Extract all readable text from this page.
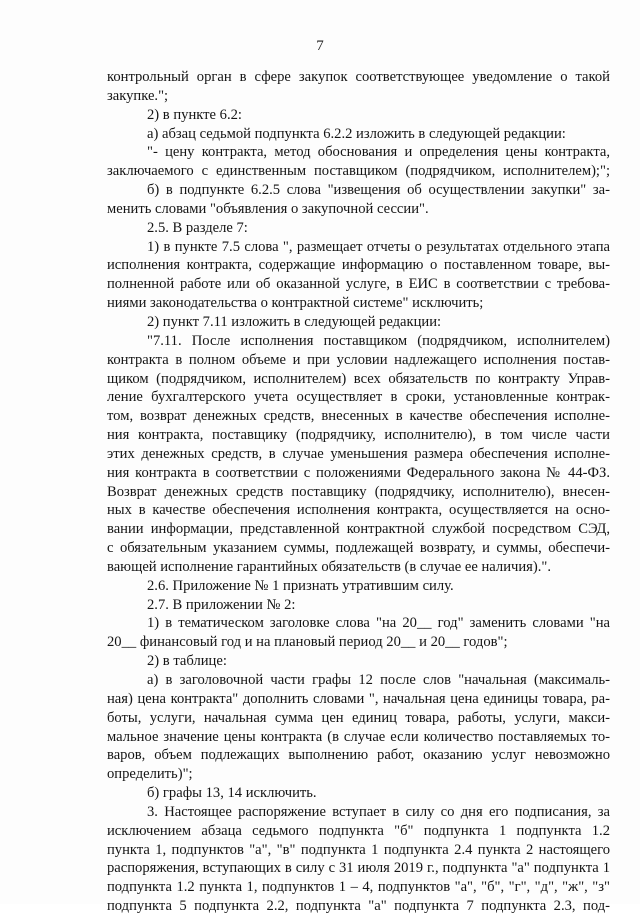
7
контрольный орган в сфере закупок соответствующее уведомление о такой
закупке.";
2) в пункте 6.2:
а) абзац седьмой подпункта 6.2.2 изложить в следующей редакции:
"- цену контракта, метод обоснования и определения цены контракта,
заключаемого с единственным поставщиком (подрядчиком, исполнителем);";
б) в подпункте 6.2.5 слова "извещения об осуществлении закупки" за-
менить словами "объявления о закупочной сессии".
2.5. В разделе 7:
1) в пункте 7.5 слова ", размещает отчеты о результатах отдельного этапа
исполнения контракта, содержащие информацию о поставленном товаре, вы-
полненной работе или об оказанной услуге, в ЕИС в соответствии с требова-
ниями законодательства о контрактной системе" исключить;
2) пункт 7.11 изложить в следующей редакции:
"7.11. После исполнения поставщиком (подрядчиком, исполнителем)
контракта в полном объеме и при условии надлежащего исполнения постав-
щиком (подрядчиком, исполнителем) всех обязательств по контракту Управ-
ление бухгалтерского учета осуществляет в сроки, установленные контрак-
том, возврат денежных средств, внесенных в качестве обеспечения исполне-
ния контракта, поставщику (подрядчику, исполнителю), в том числе части
этих денежных средств, в случае уменьшения размера обеспечения исполне-
ния контракта в соответствии с положениями Федерального закона № 44-ФЗ.
Возврат денежных средств поставщику (подрядчику, исполнителю), внесен-
ных в качестве обеспечения исполнения контракта, осуществляется на осно-
вании информации, представленной контрактной службой посредством СЭД,
с обязательным указанием суммы, подлежащей возврату, и суммы, обеспечи-
вающей исполнение гарантийных обязательств (в случае ее наличия).".
2.6. Приложение № 1 признать утратившим силу.
2.7. В приложении № 2:
1) в тематическом заголовке слова "на 20__ год" заменить словами "на
20__ финансовый год и на плановый период 20__ и 20__ годов";
2) в таблице:
а) в заголовочной части графы 12 после слов "начальная (максималь-
ная) цена контракта" дополнить словами ", начальная цена единицы товара, ра-
боты, услуги, начальная сумма цен единиц товара, работы, услуги, макси-
мальное значение цены контракта (в случае если количество поставляемых то-
варов, объем подлежащих выполнению работ, оказанию услуг невозможно
определить)";
б) графы 13, 14 исключить.
3. Настоящее распоряжение вступает в силу со дня его подписания, за
исключением абзаца седьмого подпункта "б" подпункта 1 подпункта 1.2
пункта 1, подпунктов "а", "в" подпункта 1 подпункта 2.4 пункта 2 настоящего
распоряжения, вступающих в силу с 31 июля 2019 г., подпункта "а" подпункта 1
подпункта 1.2 пункта 1, подпунктов 1 – 4, подпунктов "а", "б", "г", "д", "ж", "з"
подпункта 5 подпункта 2.2, подпункта "а" подпункта 7 подпункта 2.3, под-
